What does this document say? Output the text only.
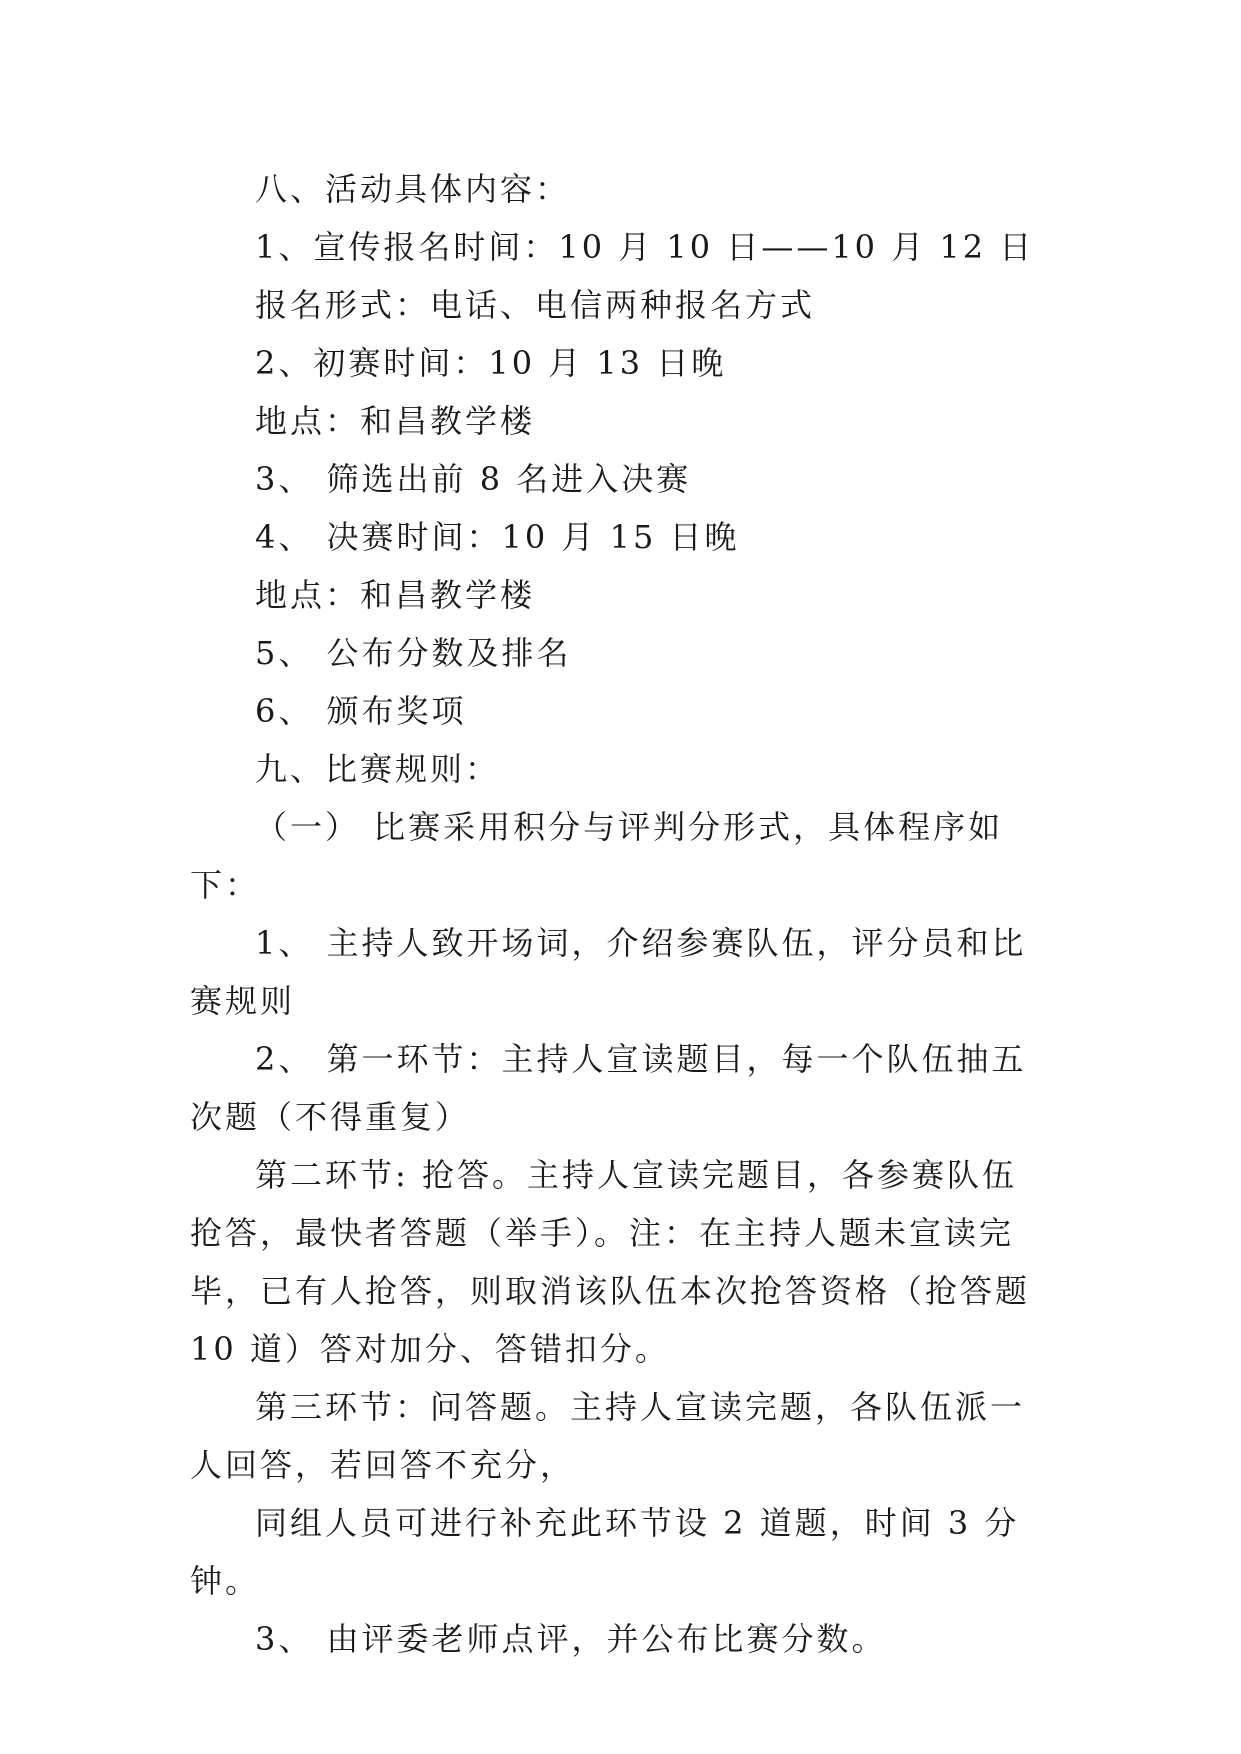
八、活动具体内容：

1、宣传报名时间：10 月 10 日——10 月 12 日

报名形式：电话、电信两种报名方式

2、初赛时间：10 月 13 日晚

地点：和昌教学楼

3、 筛选出前 8 名进入决赛

4、 决赛时间：10 月 15 日晚

地点：和昌教学楼

5、 公布分数及排名

6、 颁布奖项

九、比赛规则：

（一） 比赛采用积分与评判分形式，具体程序如下：

1、 主持人致开场词，介绍参赛队伍，评分员和比赛规则

2、 第一环节：主持人宣读题目，每一个队伍抽五次题（不得重复）

第二环节: 抢答。主持人宣读完题目，各参赛队伍抢答，最快者答题（举手）。注：在主持人题未宣读完毕，已有人抢答，则取消该队伍本次抢答资格（抢答题 10 道）答对加分、答错扣分。

第三环节：问答题。主持人宣读完题，各队伍派一人回答，若回答不充分，

同组人员可进行补充此环节设 2 道题，时间 3 分钟。

3、 由评委老师点评，并公布比赛分数。
